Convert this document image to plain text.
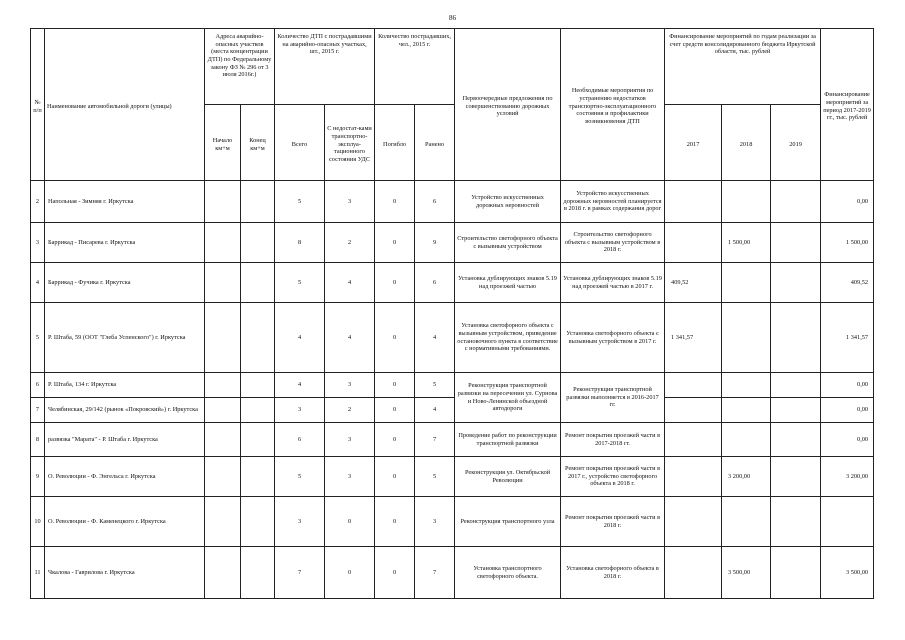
86
№ п/п	Наименование автомобильной дороги (улицы)	Адреса аварийно-опасных участков (места концентрации ДТП) по Федеральному закону ФЗ № 296 от 3 июля 2016г.)		Количество ДТП с пострадавшими на аварийно-опасных участках, шт., 2015 г.		Количество пострадавших, чел., 2015 г.		Первоочередные предложения по совершенствованию дорожных условий	Необходимые мероприятия по устранению недостатков транспортно-эксплуатационного состояния и профилактики возникновения ДТП	Финансирование мероприятий по годам реализации за счет средств консолидированного бюджета Иркутской области, тыс. рублей			Финансирование мероприятий за период 2017-2019 гг., тыс. рублей
		Начало км+м	Конец км+м	Всего	С недостат-ками транспортно-эксплуа-тационного состояния УДС	Погибло	Ранено			2017	2018	2019	
2	Напольная - Зимняя г. Иркутска			5	3	0	6	Устройство искусственных дорожных неровностей	Устройство искусственных дорожных неровностей планируется в 2018 г. в рамках содержания дорог				0,00
3	Баррикад - Писарева г. Иркутска			8	2	0	9	Строительство светофорного объекта с вызывным устройством	Строительство светофорного объекта с вызывным устройством в 2018 г.		1 500,00		1 500,00
4	Баррикад - Фучика г. Иркутска			5	4	0	6	Установка дублирующих знаков 5.19 над проезжей частью	Установка дублирующих знаков 5.19 над проезжей частью в 2017 г.	409,52			409,52
5	Р. Штаба, 59 (ООТ "Глеба Успенского") г. Иркутска			4	4	0	4	Установка светофорного объекта с вызывным устройством, приведение остановочного пункта в соответствие с нормативными требованиями.	Установка светофорного объекта с вызывным устройством в 2017 г.	1 341,57			1 341,57
6	Р. Штаба, 134 г. Иркутска			4	3	0	5	Реконструкция транспортной развязки на пересечении ул. Сурнова и Ново-Ленинской объездной автодороги	Реконструкция транспортной развязки выполняется в 2016-2017 гг.				0,00
7	Челябинская, 29/142 (рынок «Покровский») г. Иркутска			3	2	0	4						0,00
8	развязка "Марата" - Р. Штаба г. Иркутска			6	3	0	7	Проведение работ по реконструкции транспортной развязки	Ремонт покрытия проезжей части в 2017-2018 гг.				0,00
9	О. Революции - Ф. Энгельса г. Иркутска			5	3	0	5	Реконструкция ул. Октябрьской Революции	Ремонт покрытия проезжей части в 2017 г., устройство светофорного объекта в 2018 г.		3 200,00		3 200,00
10	О. Революции - Ф. Каменецкого г. Иркутска			3	0	0	3	Реконструкция транспортного узла	Ремонт покрытия проезжей части в 2018 г.				
11	Чкалова - Гаврилова г. Иркутска			7	0	0	7	Установка транспортного светофорного объекта.	Установка светофорного объекта в 2018 г.		3 500,00		3 500,00
